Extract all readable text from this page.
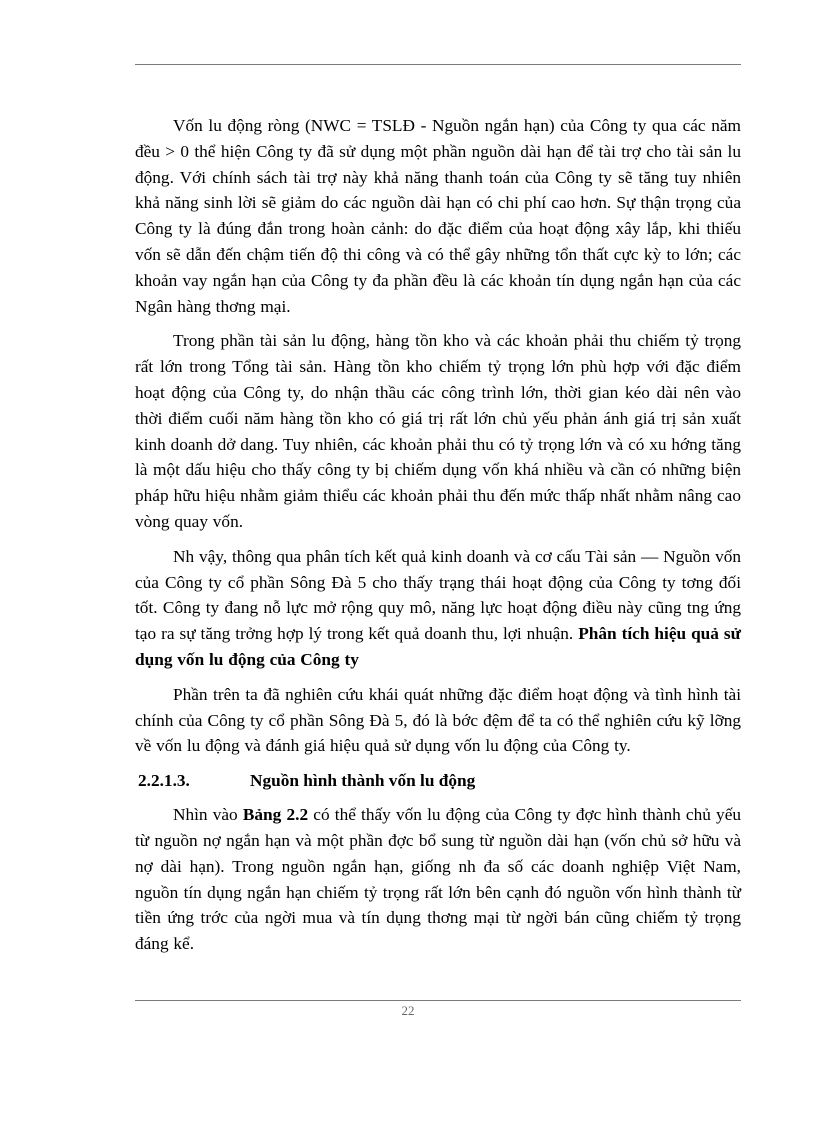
Vốn lu động ròng (NWC = TSLĐ - Nguồn ngắn hạn) của Công ty qua các năm đều > 0 thể hiện Công ty đã sử dụng một phần nguồn dài hạn để tài trợ cho tài sản lu động. Với chính sách tài trợ này khả năng thanh toán của Công ty sẽ tăng tuy nhiên khả năng sinh lời sẽ giảm do các nguồn dài hạn có chi phí cao hơn. Sự thận trọng của Công ty là đúng đắn trong hoàn cảnh: do đặc điểm của hoạt động xây lắp, khi thiếu vốn sẽ dẫn đến chậm tiến độ thi công và có thể gây những tổn thất cực kỳ to lớn; các khoản vay ngắn hạn của Công ty đa phần đều là các khoản tín dụng ngắn hạn của các Ngân hàng thơng mại.

Trong phần tài sản lu động, hàng tồn kho và các khoản phải thu chiếm tỷ trọng rất lớn trong Tổng tài sản. Hàng tồn kho chiếm tỷ trọng lớn phù hợp với đặc điểm hoạt động của Công ty, do nhận thầu các công trình lớn, thời gian kéo dài nên vào thời điểm cuối năm hàng tồn kho có giá trị rất lớn chủ yếu phản ánh giá trị sản xuất kinh doanh dở dang. Tuy nhiên, các khoản phải thu có tỷ trọng lớn và có xu hớng tăng là một dấu hiệu cho thấy công ty bị chiếm dụng vốn khá nhiều và cần có những biện pháp hữu hiệu nhằm giảm thiểu các khoản phải thu đến mức thấp nhất nhằm nâng cao vòng quay vốn.

Nh vậy, thông qua phân tích kết quả kinh doanh và cơ cấu Tài sản — Nguồn vốn của Công ty cổ phần Sông Đà 5 cho thấy trạng thái hoạt động của Công ty tơng đối tốt. Công ty đang nỗ lực mở rộng quy mô, năng lực hoạt động điều này cũng tng ứng tạo ra sự tăng trởng hợp lý trong kết quả doanh thu, lợi nhuận. Phân tích hiệu quả sử dụng vốn lu động của Công ty

Phần trên ta đã nghiên cứu khái quát những đặc điểm hoạt động và tình hình tài chính của Công ty cổ phần Sông Đà 5, đó là bớc đệm để ta có thể nghiên cứu kỹ lỡng về vốn lu động và đánh giá hiệu quả sử dụng vốn lu động của Công ty.

2.2.1.3.	Nguồn hình thành vốn lu động

Nhìn vào Bảng 2.2 có thể thấy vốn lu động của Công ty đợc hình thành chủ yếu từ nguồn nợ ngắn hạn và một phần đợc bổ sung từ nguồn dài hạn (vốn chủ sở hữu và nợ dài hạn). Trong nguồn ngắn hạn, giống nh đa số các doanh nghiệp Việt Nam, nguồn tín dụng ngắn hạn chiếm tỷ trọng rất lớn bên cạnh đó nguồn vốn hình thành từ tiền ứng trớc của ngời mua và tín dụng thơng mại từ ngời bán cũng chiếm tỷ trọng đáng kể.

22
